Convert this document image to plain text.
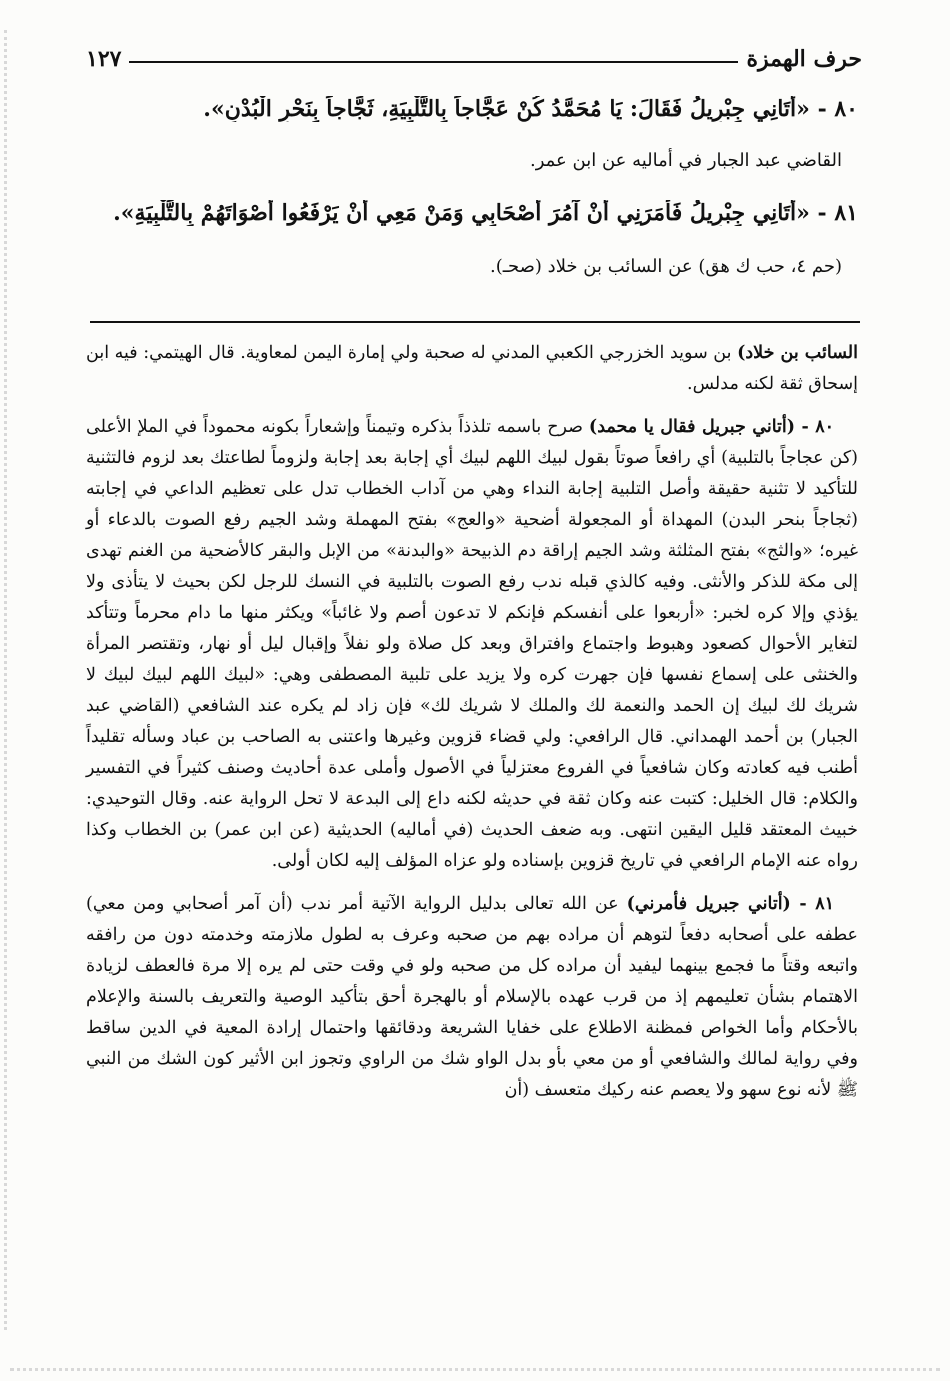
حرف الهمزة
١٢٧
٨٠ - «أَتَانِي جِبْرِيلُ فَقَالَ: يَا مُحَمَّدُ كُنْ عَجَّاجاً بِالتَّلْبِيَةِ، ثَجَّاجاً بِنَحْرِ الْبُدْنِ».
القاضي عبد الجبار في أماليه عن ابن عمر.
٨١ - «أَتَانِي جِبْرِيلُ فَأَمَرَنِي أَنْ آمُرَ أَصْحَابِي وَمَنْ مَعِي أَنْ يَرْفَعُوا أَصْوَاتَهُمْ بِالتَّلْبِيَةِ».
(حم ٤، حب ك هق) عن السائب بن خلاد (صحـ).

السائب بن خلاد) بن سويد الخزرجي الكعبي المدني له صحبة ولي إمارة اليمن لمعاوية. قال الهيتمي: فيه ابن إسحاق ثقة لكنه مدلس.

٨٠ - (أتاني جبريل فقال يا محمد) صرح باسمه تلذذاً بذكره وتيمناً وإشعاراً بكونه محموداً في الملإ الأعلى (كن عجاجاً بالتلبية) أي رافعاً صوتاً بقول لبيك اللهم لبيك أي إجابة بعد إجابة ولزوماً لطاعتك بعد لزوم فالتثنية للتأكيد لا تثنية حقيقة وأصل التلبية إجابة النداء وهي من آداب الخطاب تدل على تعظيم الداعي في إجابته (ثجاجاً بنحر البدن) المهداة أو المجعولة أضحية «والعج» بفتح المهملة وشد الجيم رفع الصوت بالدعاء أو غيره؛ «والثج» بفتح المثلثة وشد الجيم إراقة دم الذبيحة «والبدنة» من الإبل والبقر كالأضحية من الغنم تهدى إلى مكة للذكر والأنثى. وفيه كالذي قبله ندب رفع الصوت بالتلبية في النسك للرجل لكن بحيث لا يتأذى ولا يؤذي وإلا كره لخبر: «أربعوا على أنفسكم فإنكم لا تدعون أصم ولا غائباً» ويكثر منها ما دام محرماً وتتأكد لتغاير الأحوال كصعود وهبوط واجتماع وافتراق وبعد كل صلاة ولو نفلاً وإقبال ليل أو نهار، وتقتصر المرأة والخنثى على إسماع نفسها فإن جهرت كره ولا يزيد على تلبية المصطفى وهي: «لبيك اللهم لبيك لبيك لا شريك لك لبيك إن الحمد والنعمة لك والملك لا شريك لك» فإن زاد لم يكره عند الشافعي (القاضي عبد الجبار) بن أحمد الهمداني. قال الرافعي: ولي قضاء قزوين وغيرها واعتنى به الصاحب بن عباد وسأله تقليداً أطنب فيه كعادته وكان شافعياً في الفروع معتزلياً في الأصول وأملى عدة أحاديث وصنف كثيراً في التفسير والكلام: قال الخليل: كتبت عنه وكان ثقة في حديثه لكنه داع إلى البدعة لا تحل الرواية عنه. وقال التوحيدي: خبيث المعتقد قليل اليقين انتهى. وبه ضعف الحديث (في أماليه) الحديثية (عن ابن عمر) بن الخطاب وكذا رواه عنه الإمام الرافعي في تاريخ قزوين بإسناده ولو عزاه المؤلف إليه لكان أولى.

٨١ - (أتاني جبريل فأمرني) عن الله تعالى بدليل الرواية الآتية أمر ندب (أن آمر أصحابي ومن معي) عطفه على أصحابه دفعاً لتوهم أن مراده بهم من صحبه وعرف به لطول ملازمته وخدمته دون من رافقه واتبعه وقتاً ما فجمع بينهما ليفيد أن مراده كل من صحبه ولو في وقت حتى لم يره إلا مرة فالعطف لزيادة الاهتمام بشأن تعليمهم إذ من قرب عهده بالإسلام أو بالهجرة أحق بتأكيد الوصية والتعريف بالسنة والإعلام بالأحكام وأما الخواص فمظنة الاطلاع على خفايا الشريعة ودقائقها واحتمال إرادة المعية في الدين ساقط وفي رواية لمالك والشافعي أو من معي بأو بدل الواو شك من الراوي وتجوز ابن الأثير كون الشك من النبي ﷺ لأنه نوع سهو ولا يعصم عنه ركيك متعسف (أن
